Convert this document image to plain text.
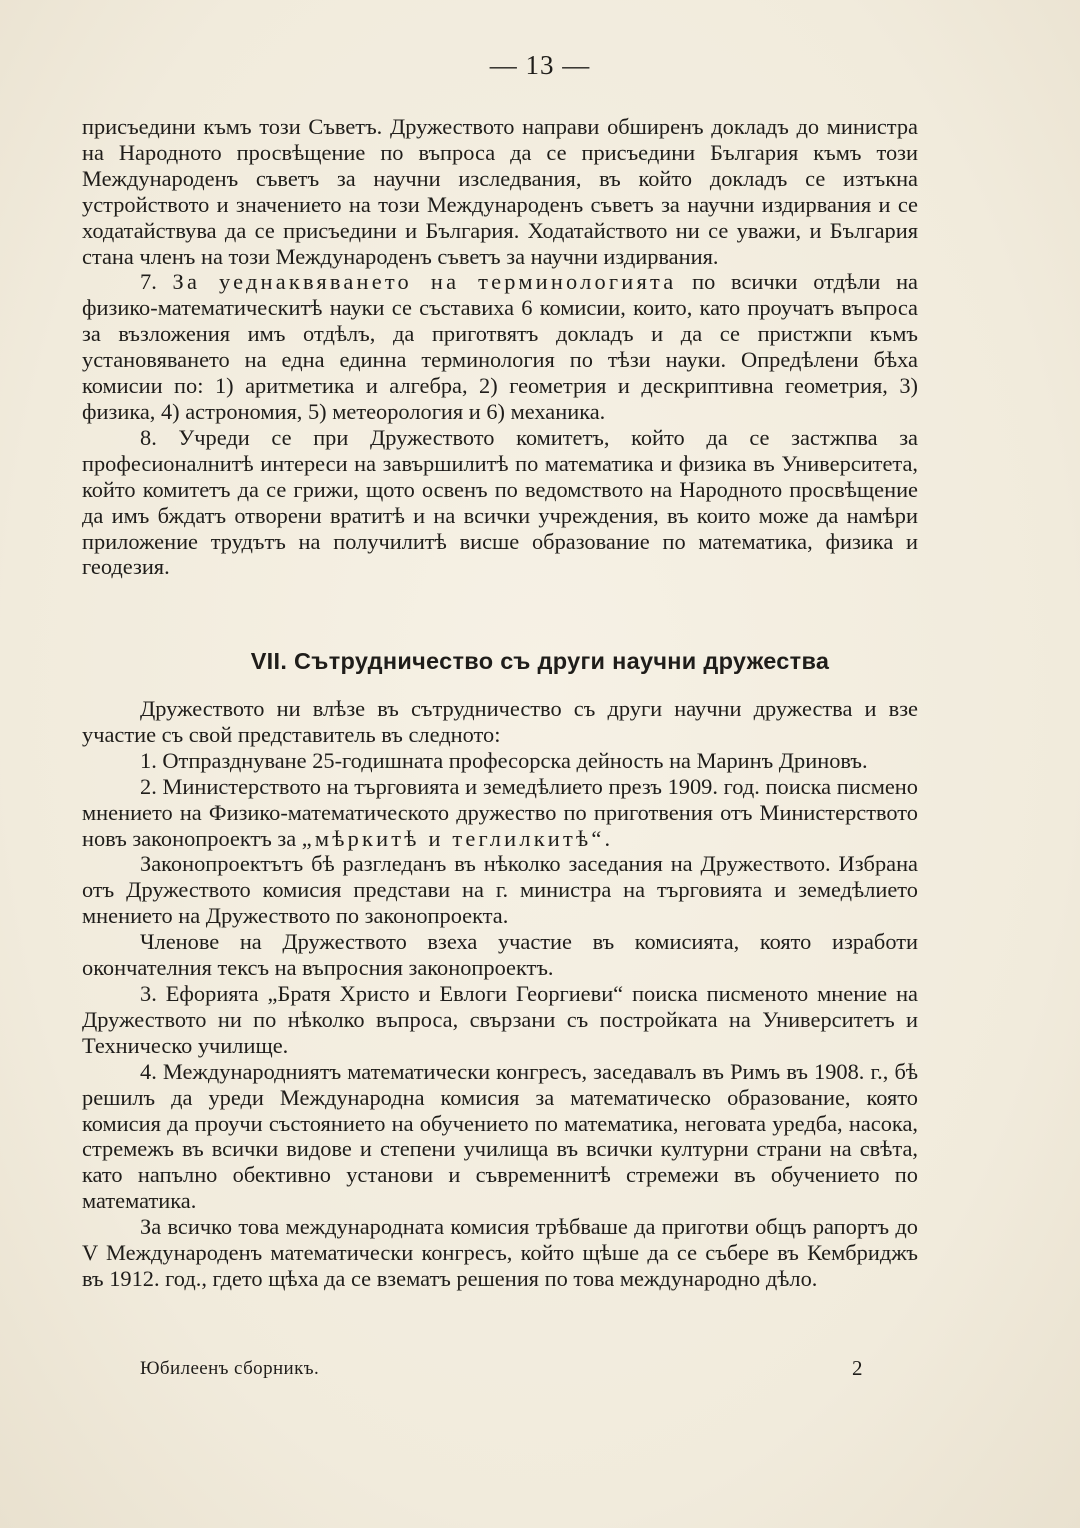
— 13 —

присъедини къмъ този Съветъ. Дружеството направи обширенъ докладъ до министра на Народното просвѣщение по въпроса да се присъедини България къмъ този Международенъ съветъ за научни изследвания, въ който докладъ се изтъкна устройството и значението на този Международенъ съветъ за научни издирвания и се ходатайствува да се присъедини и България. Ходатайството ни се уважи, и България стана членъ на този Международенъ съветъ за научни издирвания.

7. За уеднаквяването на терминологията по всички отдѣли на физико-математическитѣ науки се съставиха 6 комисии, които, като проучатъ въпроса за възложения имъ отдѣлъ, да приготвятъ докладъ и да се пристжпи къмъ установяването на една единна терминология по тѣзи науки. Опредѣлени бѣха комисии по: 1) аритметика и алгебра, 2) геометрия и дескриптивна геометрия, 3) физика, 4) астрономия, 5) метеорология и 6) механика.

8. Учреди се при Дружеството комитетъ, който да се застжпва за професионалнитѣ интереси на завършилитѣ по математика и физика въ Университета, който комитетъ да се грижи, щото освенъ по ведомството на Народното просвѣщение да имъ бждатъ отворени вратитѣ и на всички учреждения, въ които може да намѣри приложение трудътъ на получилитѣ висше образование по математика, физика и геодезия.

VII. Сътрудничество съ други научни дружества

Дружеството ни влѣзе въ сътрудничество съ други научни дружества и взе участие съ свой представитель въ следното:

1. Отпразднуване 25-годишната професорска дейность на Маринъ Дриновъ.

2. Министерството на търговията и земедѣлието презъ 1909. год. поиска писмено мнението на Физико-математическото дружество по приготвения отъ Министерството новъ законопроектъ за „мѣркитѣ и теглилкитѣ“.

Законопроектътъ бѣ разгледанъ въ нѣколко заседания на Дружеството. Избрана отъ Дружеството комисия представи на г. министра на търговията и земедѣлието мнението на Дружеството по законопроекта.

Членове на Дружеството взеха участие въ комисията, която изработи окончателния тексъ на въпросния законопроектъ.

3. Ефорията „Братя Христо и Евлоги Георгиеви“ поиска писменото мнение на Дружеството ни по нѣколко въпроса, свързани съ постройката на Университетъ и Техническо училище.

4. Международниятъ математически конгресъ, заседавалъ въ Римъ въ 1908. г., бѣ решилъ да уреди Международна комисия за математическо образование, която комисия да проучи състоянието на обучението по математика, неговата уредба, насока, стремежъ въ всички видове и степени училища въ всички културни страни на свѣта, като напълно обективно установи и съвременнитѣ стремежи въ обучението по математика.

За всичко това международната комисия трѣбваше да приготви общъ рапортъ до V Международенъ математически конгресъ, който щѣше да се събере въ Кембриджъ въ 1912. год., гдето щѣха да се взематъ решения по това международно дѣло.

Юбилеенъ сборникъ.	2
